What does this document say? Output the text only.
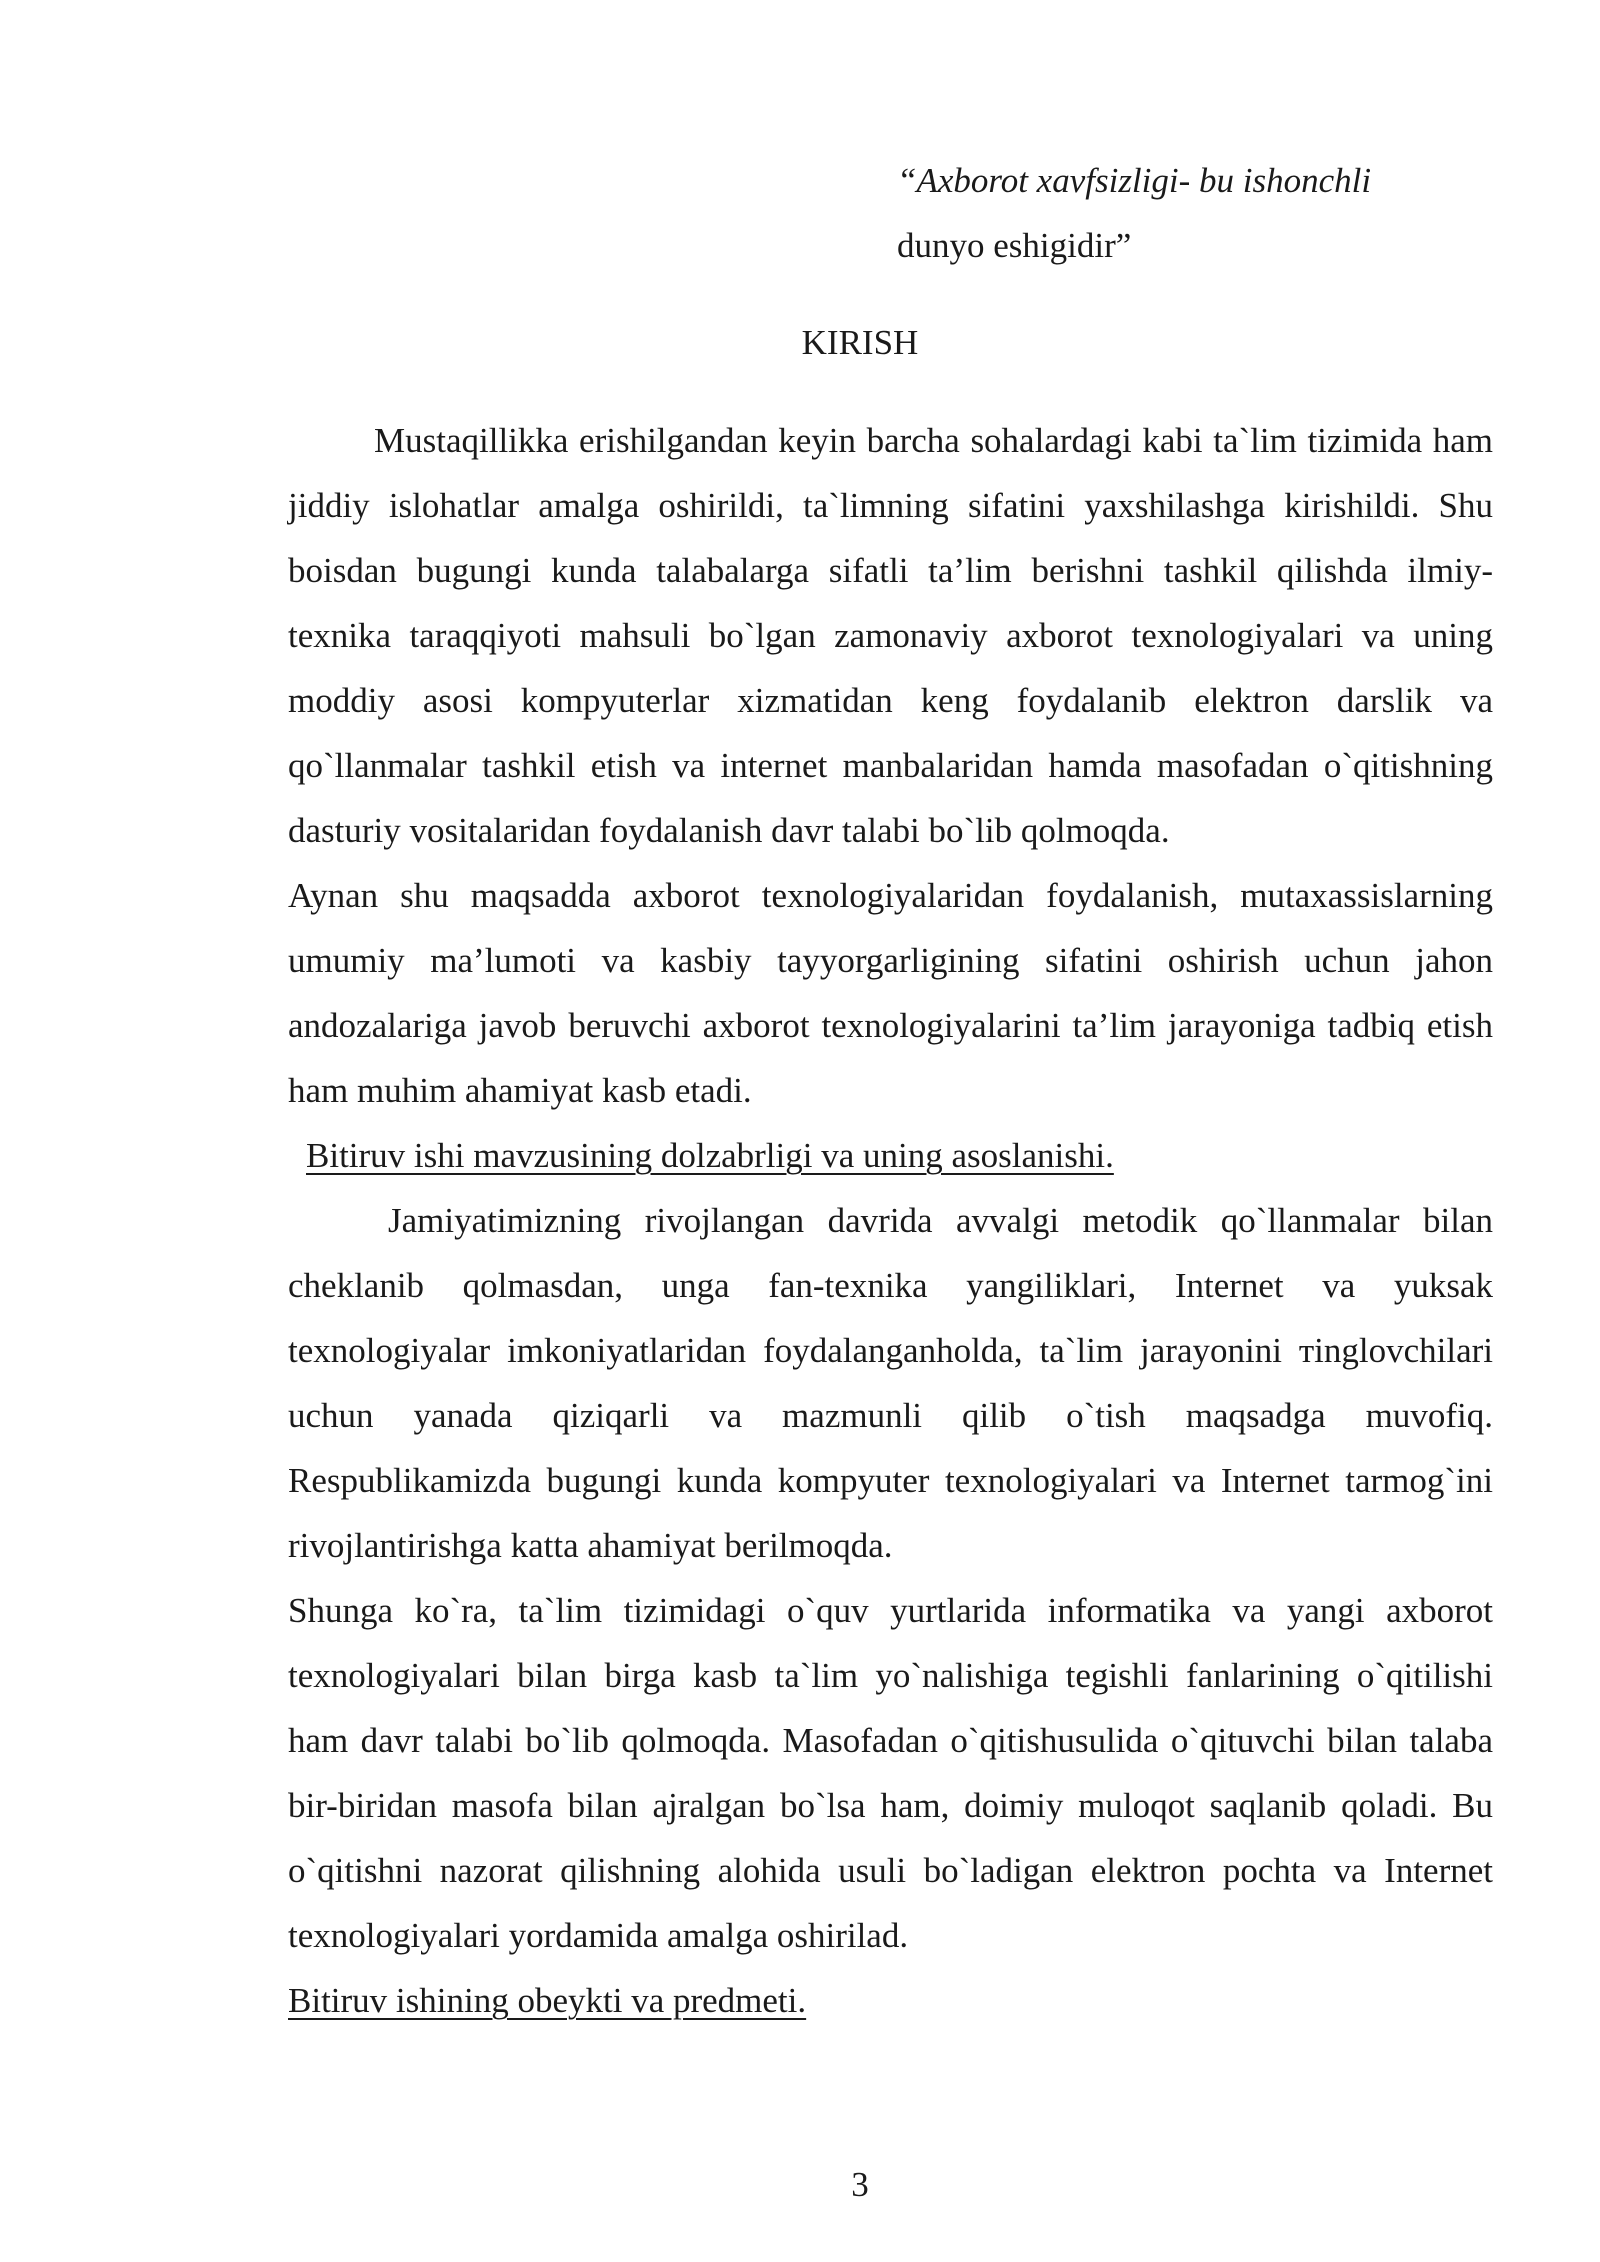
“Axborot xavfsizligi- bu ishonchli
dunyo eshigidir”
KIRISH

Mustaqillikka erishilgandan keyin barcha sohalardagi kabi ta`lim tizimida ham jiddiy islohatlar amalga oshirildi, ta`limning sifatini yaxshilashga kirishildi. Shu boisdan bugungi kunda talabalarga sifatli ta’lim berishni tashkil qilishda ilmiy-texnika taraqqiyoti mahsuli bo`lgan zamonaviy axborot texnologiyalari va uning moddiy asosi kompyuterlar xizmatidan keng foydalanib elektron darslik va qo`llanmalar tashkil etish va internet manbalaridan hamda masofadan o`qitishning dasturiy vositalaridan foydalanish davr talabi bo`lib qolmoqda.

Aynan shu maqsadda axborot texnologiyalaridan foydalanish, mutaxassislarning umumiy ma’lumoti va kasbiy tayyorgarligining sifatini oshirish uchun jahon andozalariga javob beruvchi axborot texnologiyalarini ta’lim jarayoniga tadbiq etish ham muhim ahamiyat kasb etadi.

Bitiruv ishi mavzusining dolzabrligi va uning asoslanishi.

Jamiyatimizning rivojlangan davrida avvalgi metodik qo`llanmalar bilan cheklanib qolmasdan, unga fan-texnika yangiliklari, Internet va yuksak texnologiyalar imkoniyatlaridan foydalanganholda, ta`lim jarayonini тinglovchilari uchun yanada qiziqarli va mazmunli qilib o`tish maqsadga muvofiq. Respublikamizda bugungi kunda kompyuter texnologiyalari va Internet tarmog`ini rivojlantirishga katta ahamiyat berilmoqda.

Shunga ko`ra, ta`lim tizimidagi o`quv yurtlarida informatika va yangi axborot texnologiyalari bilan birga kasb ta`lim yo`nalishiga tegishli fanlarining o`qitilishi ham davr talabi bo`lib qolmoqda. Masofadan o`qitishusulida o`qituvchi bilan talaba bir-biridan masofa bilan ajralgan bo`lsa ham, doimiy muloqot saqlanib qoladi. Bu o`qitishni nazorat qilishning alohida usuli bo`ladigan elektron pochta va Internet texnologiyalari yordamida amalga oshirilad.

Bitiruv ishining obeykti va predmeti.

3
